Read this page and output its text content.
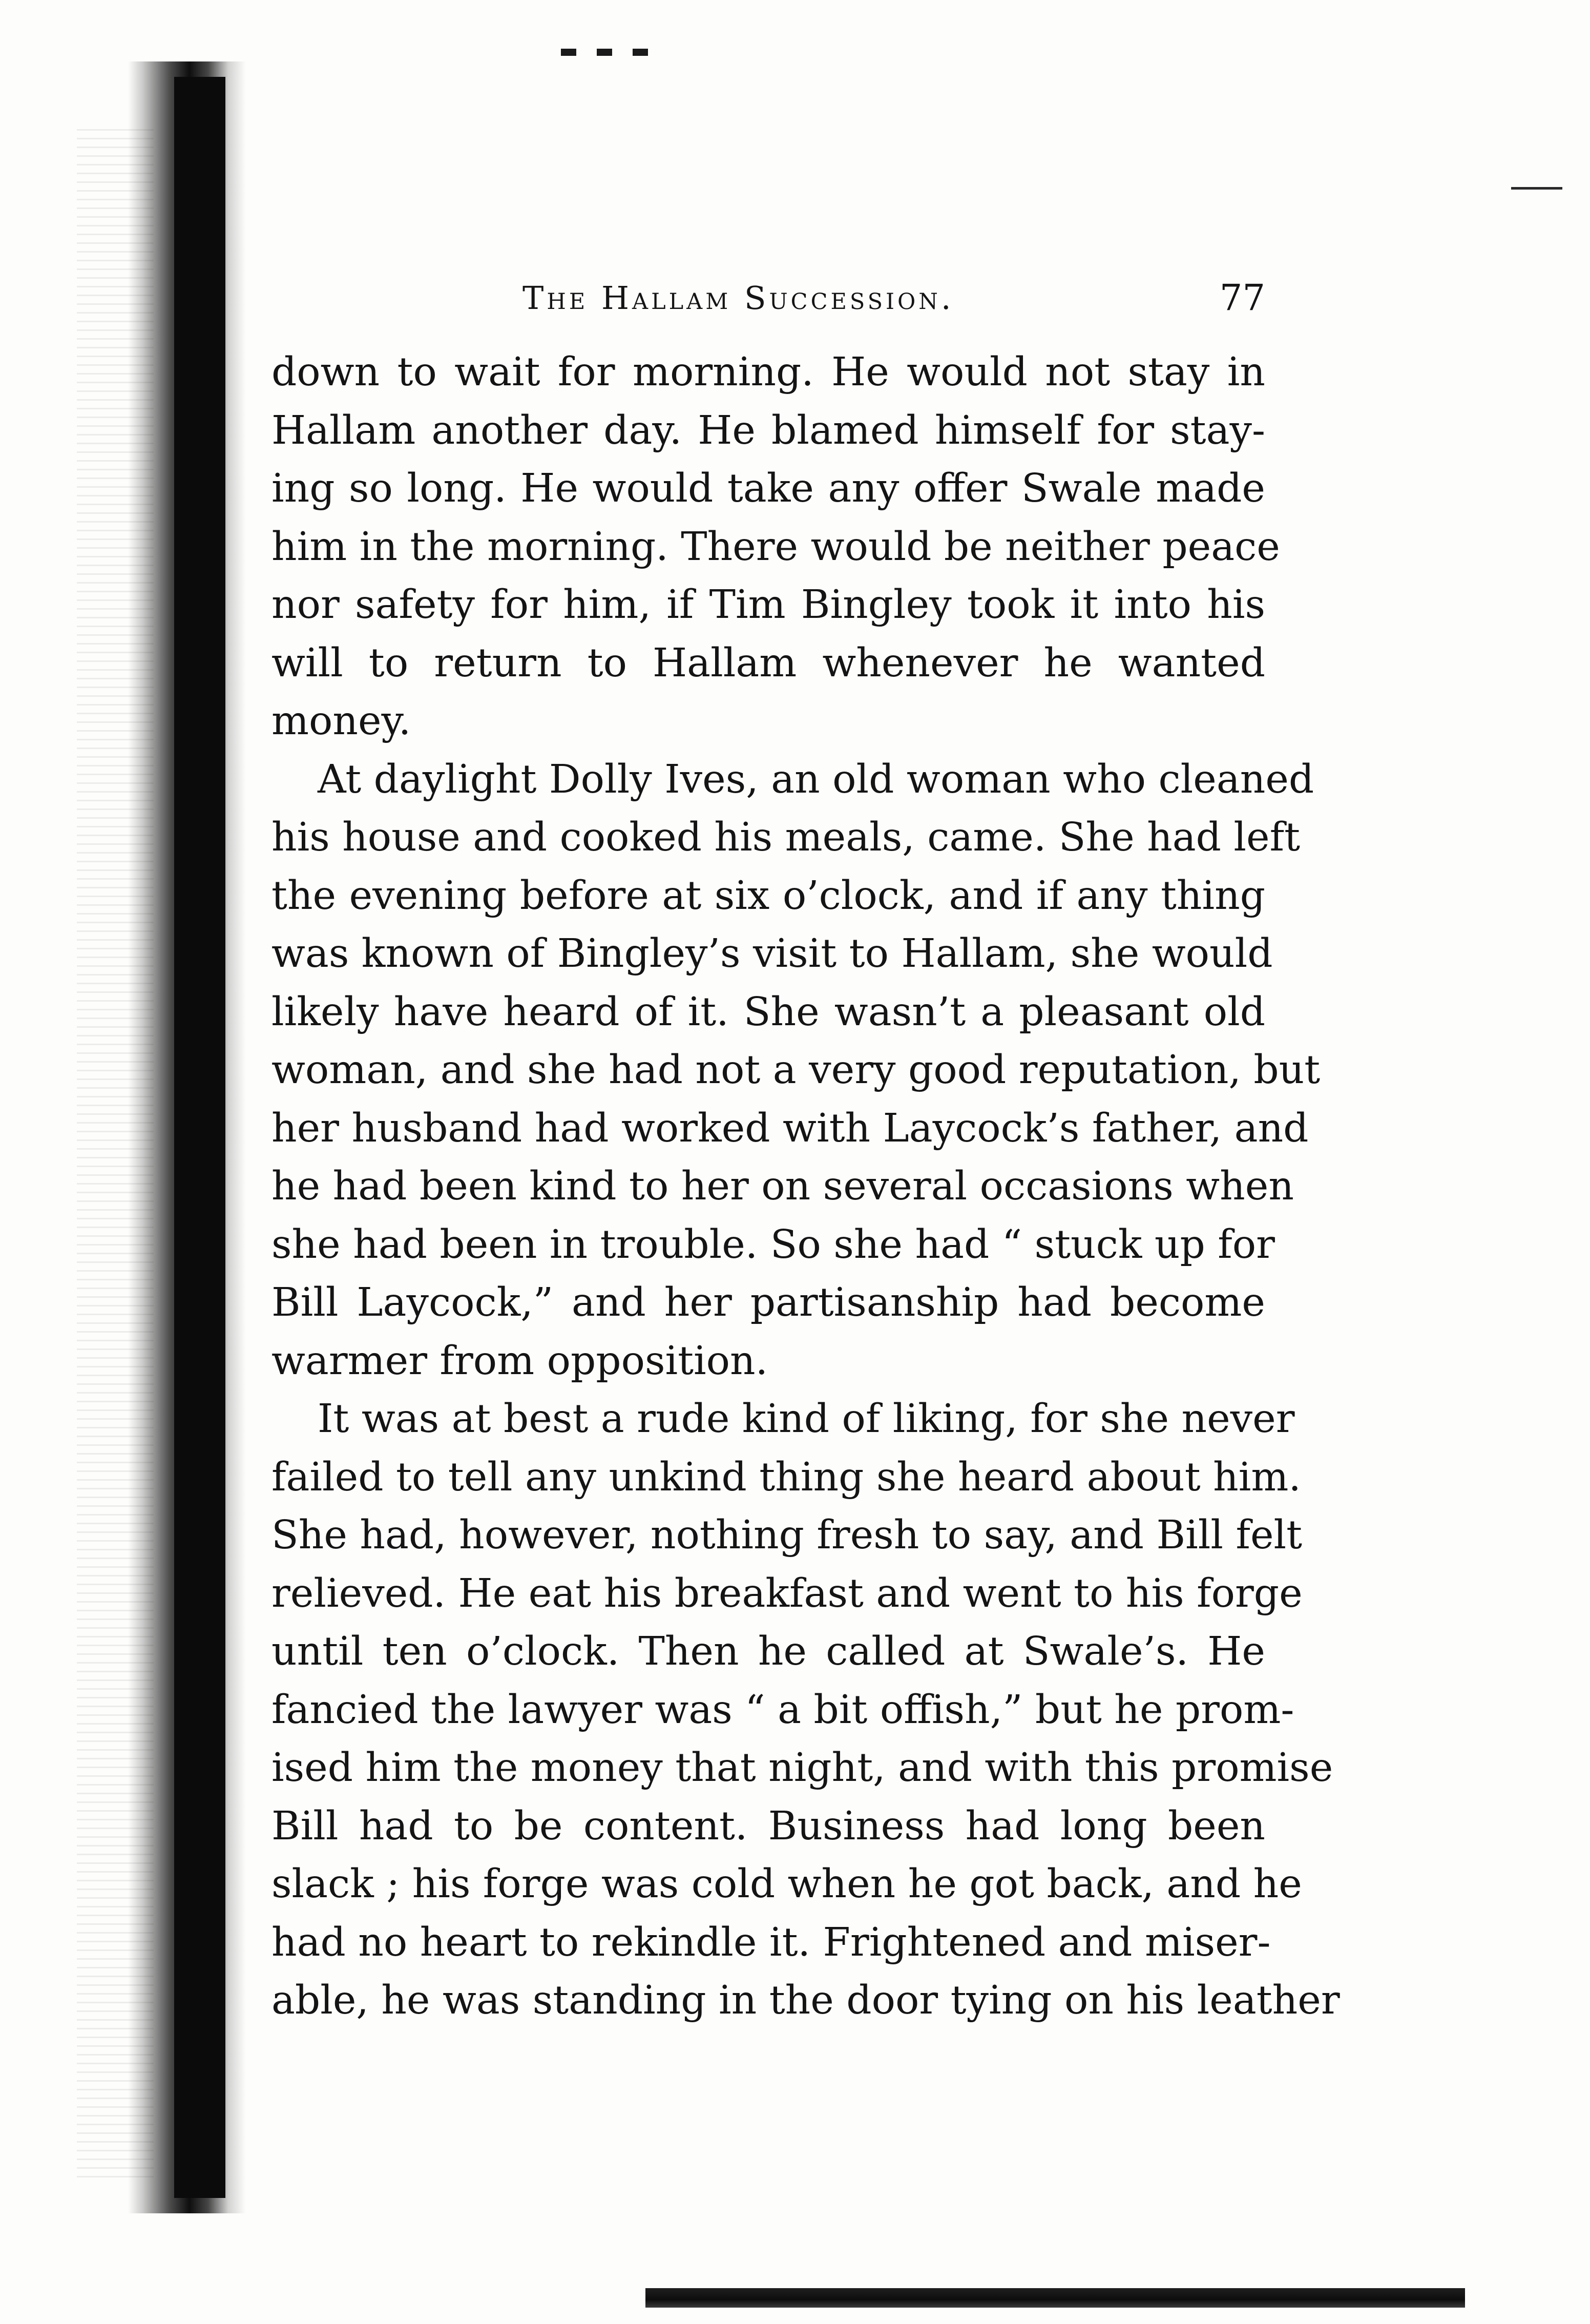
The Hallam Succession.	77
down to wait for morning. He would not stay in
Hallam another day. He blamed himself for stay-
ing so long. He would take any offer Swale made
him in the morning. There would be neither peace
nor safety for him, if Tim Bingley took it into his
will to return to Hallam whenever he wanted
money.
At daylight Dolly Ives, an old woman who cleaned
his house and cooked his meals, came. She had left
the evening before at six o’clock, and if any thing
was known of Bingley’s visit to Hallam, she would
likely have heard of it. She wasn’t a pleasant old
woman, and she had not a very good reputation, but
her husband had worked with Laycock’s father, and
he had been kind to her on several occasions when
she had been in trouble. So she had “ stuck up for
Bill Laycock,” and her partisanship had become
warmer from opposition.
It was at best a rude kind of liking, for she never
failed to tell any unkind thing she heard about him.
She had, however, nothing fresh to say, and Bill felt
relieved. He eat his breakfast and went to his forge
until ten o’clock. Then he called at Swale’s. He
fancied the lawyer was “ a bit offish,” but he prom-
ised him the money that night, and with this promise
Bill had to be content. Business had long been
slack ; his forge was cold when he got back, and he
had no heart to rekindle it. Frightened and miser-
able, he was standing in the door tying on his leather
